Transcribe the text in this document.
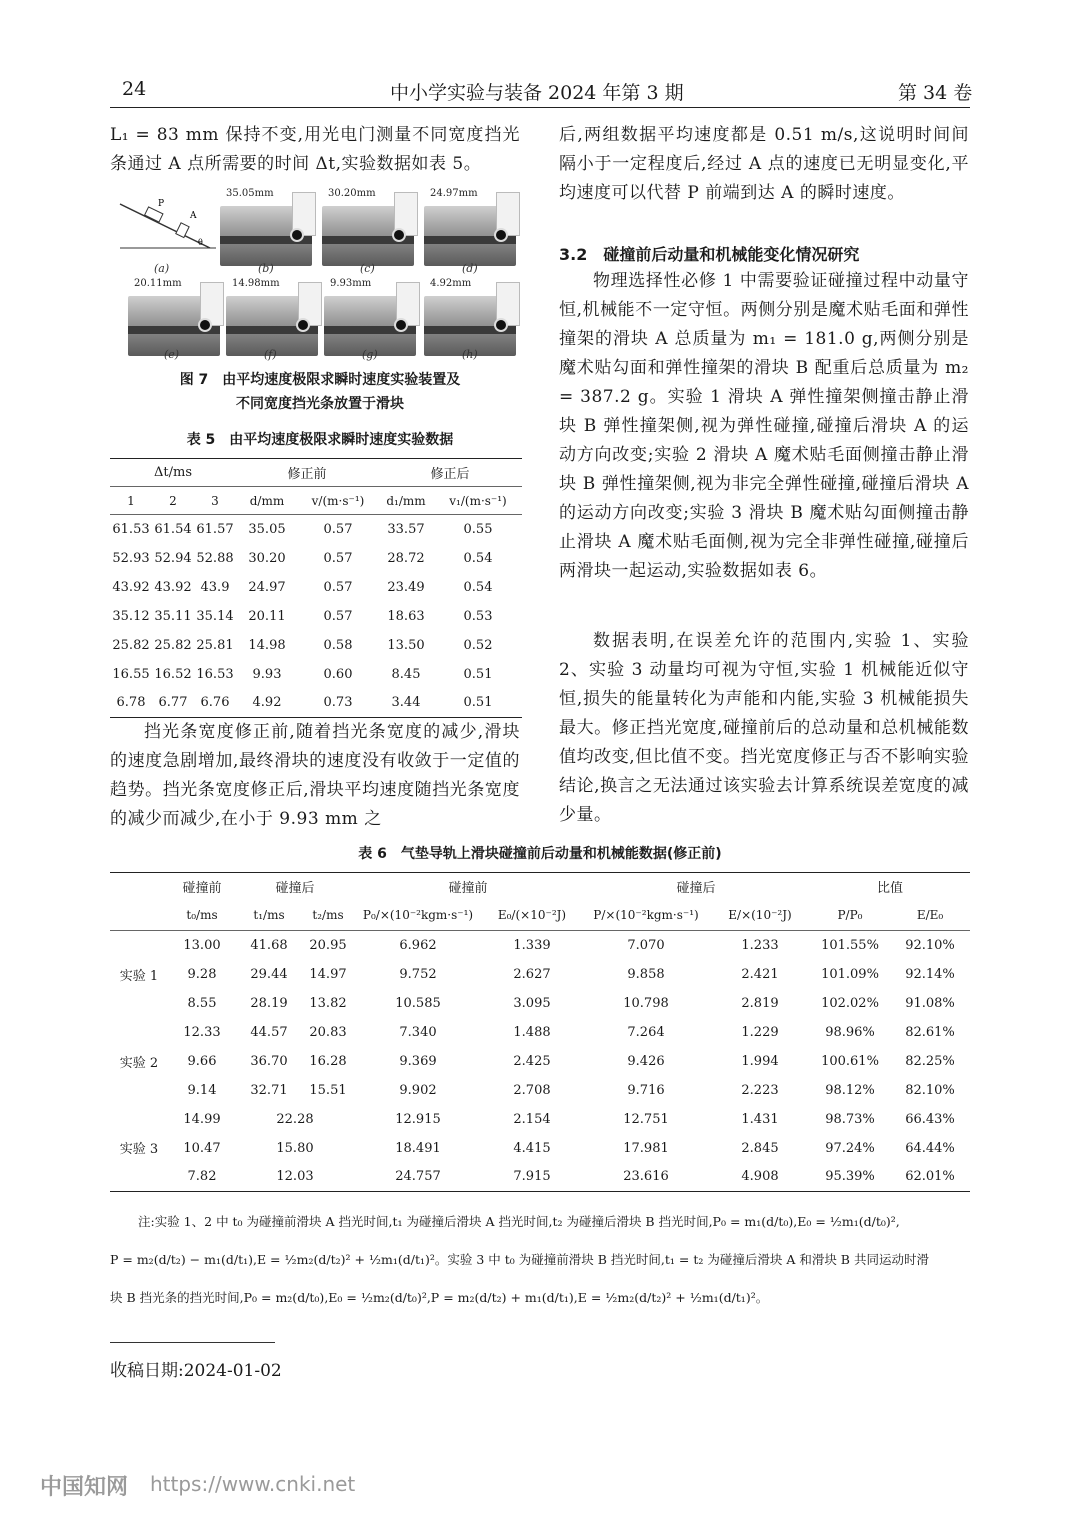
24	中小学实验与装备 2024 年第 3 期	第 34 卷

L₁ = 83 mm 保持不变,用光电门测量不同宽度挡光条通过 A 点所需要的时间 Δt,实验数据如表 5。

P
A
θ
35.05mm	30.20mm	24.97mm
20.11mm	14.98mm	9.93mm	4.92mm
(a)	(b)	(c)	(d)
(e)	(f)	(g)	(h)
图 7　由平均速度极限求瞬时速度实验装置及
不同宽度挡光条放置于滑块
表 5　由平均速度极限求瞬时速度实验数据
Δt/ms			修正前		修正后	
1	2	3	d/mm	v/(m·s⁻¹)	d₁/mm	v₁/(m·s⁻¹)
61.53	61.54	61.57	35.05	0.57	33.57	0.55
52.93	52.94	52.88	30.20	0.57	28.72	0.54
43.92	43.92	43.9	24.97	0.57	23.49	0.54
35.12	35.11	35.14	20.11	0.57	18.63	0.53
25.82	25.82	25.81	14.98	0.58	13.50	0.52
16.55	16.52	16.53	9.93	0.60	8.45	0.51
6.78	6.77	6.76	4.92	0.73	3.44	0.51

挡光条宽度修正前,随着挡光条宽度的减少,滑块的速度急剧增加,最终滑块的速度没有收敛于一定值的趋势。挡光条宽度修正后,滑块平均速度随挡光条宽度的减少而减少,在小于 9.93 mm 之

后,两组数据平均速度都是 0.51 m/s,这说明时间间隔小于一定程度后,经过 A 点的速度已无明显变化,平均速度可以代替 P 前端到达 A 的瞬时速度。

3.2　碰撞前后动量和机械能变化情况研究

物理选择性必修 1 中需要验证碰撞过程中动量守恒,机械能不一定守恒。两侧分别是魔术贴毛面和弹性撞架的滑块 A 总质量为 m₁ = 181.0 g,两侧分别是魔术贴勾面和弹性撞架的滑块 B 配重后总质量为 m₂ = 387.2 g。实验 1 滑块 A 弹性撞架侧撞击静止滑块 B 弹性撞架侧,视为弹性碰撞,碰撞后滑块 A 的运动方向改变;实验 2 滑块 A 魔术贴毛面侧撞击静止滑块 B 弹性撞架侧,视为非完全弹性碰撞,碰撞后滑块 A 的运动方向改变;实验 3 滑块 B 魔术贴勾面侧撞击静止滑块 A 魔术贴毛面侧,视为完全非弹性碰撞,碰撞后两滑块一起运动,实验数据如表 6。

数据表明,在误差允许的范围内,实验 1、实验 2、实验 3 动量均可视为守恒,实验 1 机械能近似守恒,损失的能量转化为声能和内能,实验 3 机械能损失最大。修正挡光宽度,碰撞前后的总动量和总机械能数值均改变,但比值不变。挡光宽度修正与否不影响实验结论,换言之无法通过该实验去计算系统误差宽度的减少量。

表 6　气垫导轨上滑块碰撞前后动量和机械能数据(修正前)
	碰撞前	碰撞后		碰撞前		碰撞后		比值	
	t₀/ms	t₁/ms	t₂/ms	P₀/×(10⁻²kgm·s⁻¹)	E₀/(×10⁻²J)	P/×(10⁻²kgm·s⁻¹)	E/×(10⁻²J)	P/P₀	E/E₀
实验 1	13.00	41.68	20.95	6.962	1.339	7.070	1.233	101.55%	92.10%
	9.28	29.44	14.97	9.752	2.627	9.858	2.421	101.09%	92.14%
	8.55	28.19	13.82	10.585	3.095	10.798	2.819	102.02%	91.08%
实验 2	12.33	44.57	20.83	7.340	1.488	7.264	1.229	98.96%	82.61%
	9.66	36.70	16.28	9.369	2.425	9.426	1.994	100.61%	82.25%
	9.14	32.71	15.51	9.902	2.708	9.716	2.223	98.12%	82.10%
实验 3	14.99	22.28		12.915	2.154	12.751	1.431	98.73%	66.43%
	10.47	15.80		18.491	4.415	17.981	2.845	97.24%	64.44%
	7.82	12.03		24.757	7.915	23.616	4.908	95.39%	62.01%
注:实验 1、2 中 t₀ 为碰撞前滑块 A 挡光时间,t₁ 为碰撞后滑块 A 挡光时间,t₂ 为碰撞后滑块 B 挡光时间,P₀ = m₁(d/t₀),E₀ = ½m₁(d/t₀)²,
P = m₂(d/t₂) − m₁(d/t₁),E = ½m₂(d/t₂)² + ½m₁(d/t₁)²。实验 3 中 t₀ 为碰撞前滑块 B 挡光时间,t₁ = t₂ 为碰撞后滑块 A 和滑块 B 共同运动时滑
块 B 挡光条的挡光时间,P₀ = m₂(d/t₀),E₀ = ½m₂(d/t₀)²,P = m₂(d/t₂) + m₁(d/t₁),E = ½m₂(d/t₂)² + ½m₁(d/t₁)²。
收稿日期:2024-01-02
中国知网 https://www.cnki.net
